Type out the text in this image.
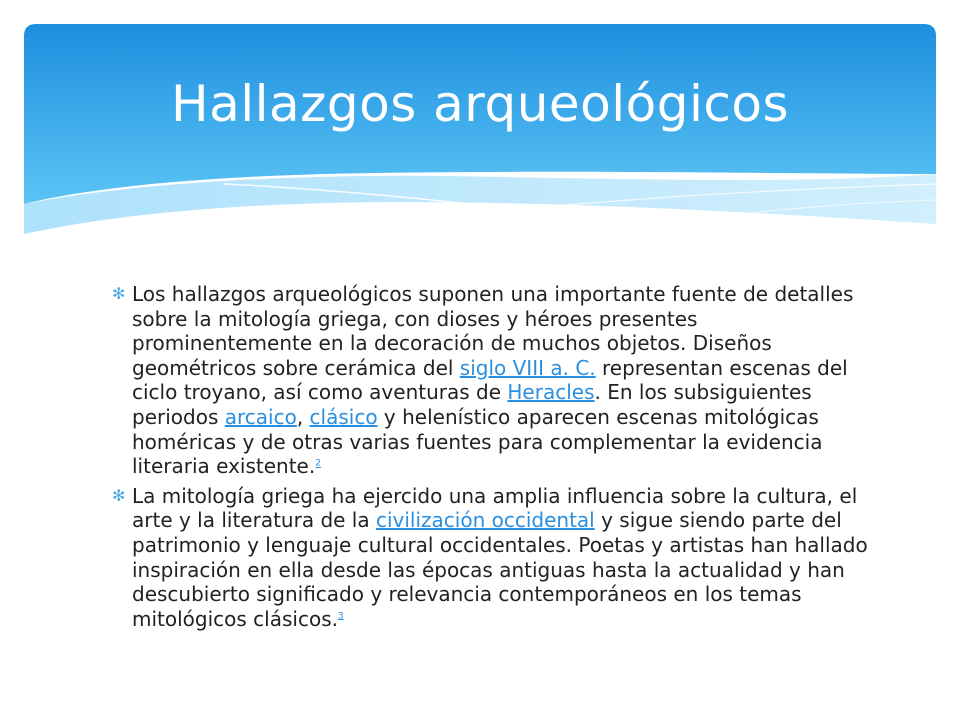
Hallazgos arqueológicos

✻ Los hallazgos arqueológicos suponen una importante fuente de detalles sobre la mitología griega, con dioses y héroes presentes prominentemente en la decoración de muchos objetos. Diseños geométricos sobre cerámica del siglo VIII a. C. representan escenas del ciclo troyano, así como aventuras de Heracles. En los subsiguientes periodos arcaico, clásico y helenístico aparecen escenas mitológicas homéricas y de otras varias fuentes para complementar la evidencia literaria existente.$^2$

✻ La mitología griega ha ejercido una amplia influencia sobre la cultura, el arte y la literatura de la civilización occidental y sigue siendo parte del patrimonio y lenguaje cultural occidentales. Poetas y artistas han hallado inspiración en ella desde las épocas antiguas hasta la actualidad y han descubierto significado y relevancia contemporáneos en los temas mitológicos clásicos.$^3$
